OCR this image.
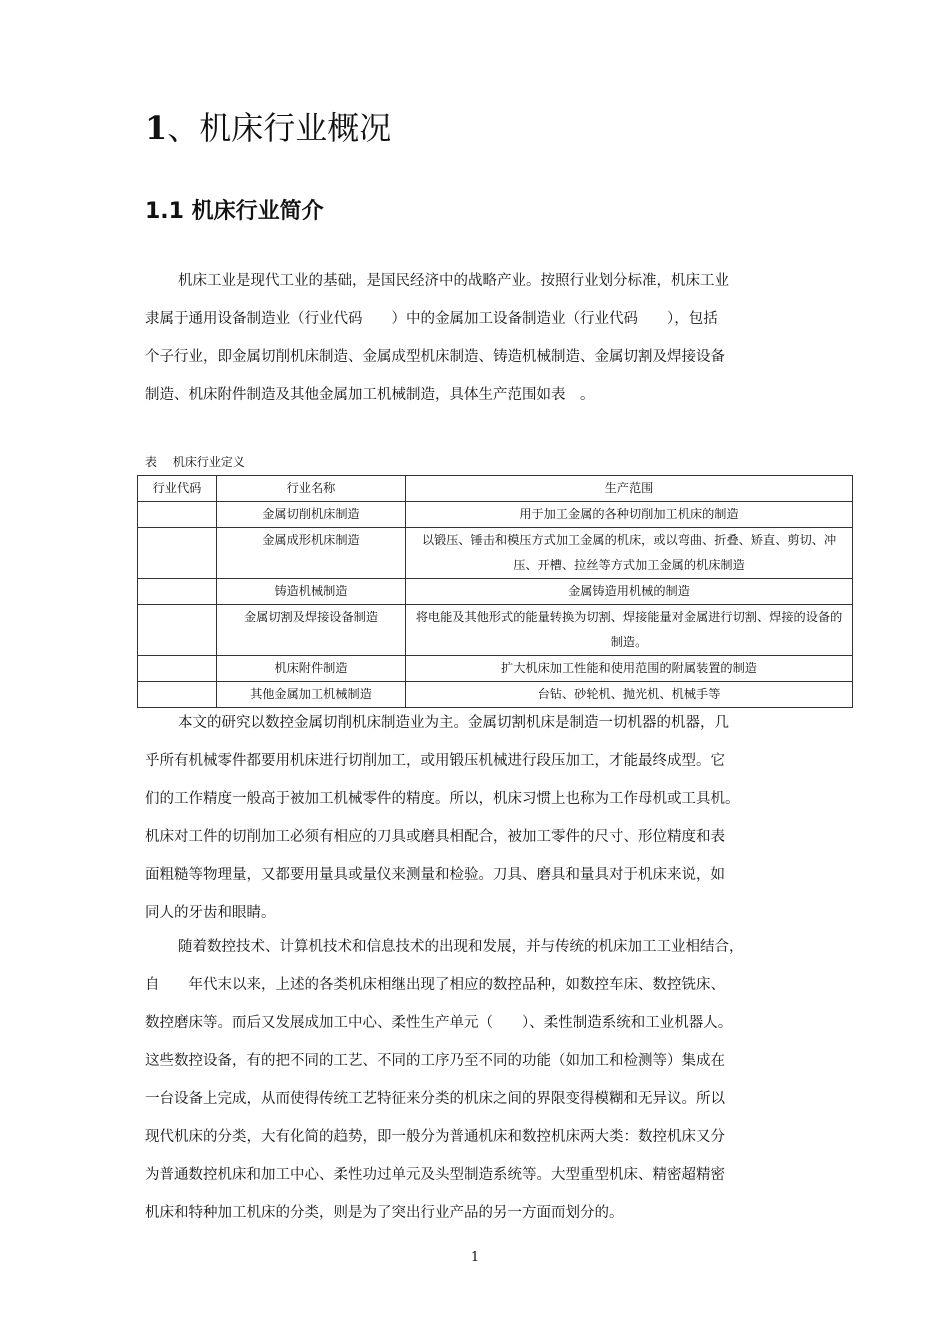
1、机床行业概况
1.1 机床行业简介
机床工业是现代工业的基础，是国民经济中的战略产业。按照行业划分标准，机床工业
隶属于通用设备制造业（行业代码　　）中的金属加工设备制造业（行业代码　　），包括
个子行业，即金属切削机床制造、金属成型机床制造、铸造机械制造、金属切割及焊接设备
制造、机床附件制造及其他金属加工机械制造，具体生产范围如表　。
表　 机床行业定义
行业代码	行业名称	生产范围
	金属切削机床制造	用于加工金属的各种切削加工机床的制造
	金属成形机床制造	以锻压、锤击和模压方式加工金属的机床，或以弯曲、折叠、矫直、剪切、冲压、开槽、拉丝等方式加工金属的机床制造
	铸造机械制造	金属铸造用机械的制造
	金属切割及焊接设备制造	将电能及其他形式的能量转换为切割、焊接能量对金属进行切割、焊接的设备的制造。
	机床附件制造	扩大机床加工性能和使用范围的附属装置的制造
	其他金属加工机械制造	台钻、砂轮机、抛光机、机械手等
本文的研究以数控金属切削机床制造业为主。金属切割机床是制造一切机器的机器，几
乎所有机械零件都要用机床进行切削加工，或用锻压机械进行段压加工，才能最终成型。它
们的工作精度一般高于被加工机械零件的精度。所以，机床习惯上也称为工作母机或工具机。
机床对工件的切削加工必须有相应的刀具或磨具相配合，被加工零件的尺寸、形位精度和表
面粗糙等物理量，又都要用量具或量仪来测量和检验。刀具、磨具和量具对于机床来说，如
同人的牙齿和眼睛。
随着数控技术、计算机技术和信息技术的出现和发展，并与传统的机床加工工业相结合，
自　　年代末以来，上述的各类机床相继出现了相应的数控品种，如数控车床、数控铣床、
数控磨床等。而后又发展成加工中心、柔性生产单元（　　）、柔性制造系统和工业机器人。
这些数控设备，有的把不同的工艺、不同的工序乃至不同的功能（如加工和检测等）集成在
一台设备上完成，从而使得传统工艺特征来分类的机床之间的界限变得模糊和无异议。所以
现代机床的分类，大有化简的趋势，即一般分为普通机床和数控机床两大类：数控机床又分
为普通数控机床和加工中心、柔性功过单元及头型制造系统等。大型重型机床、精密超精密
机床和特种加工机床的分类，则是为了突出行业产品的另一方面而划分的。
1
